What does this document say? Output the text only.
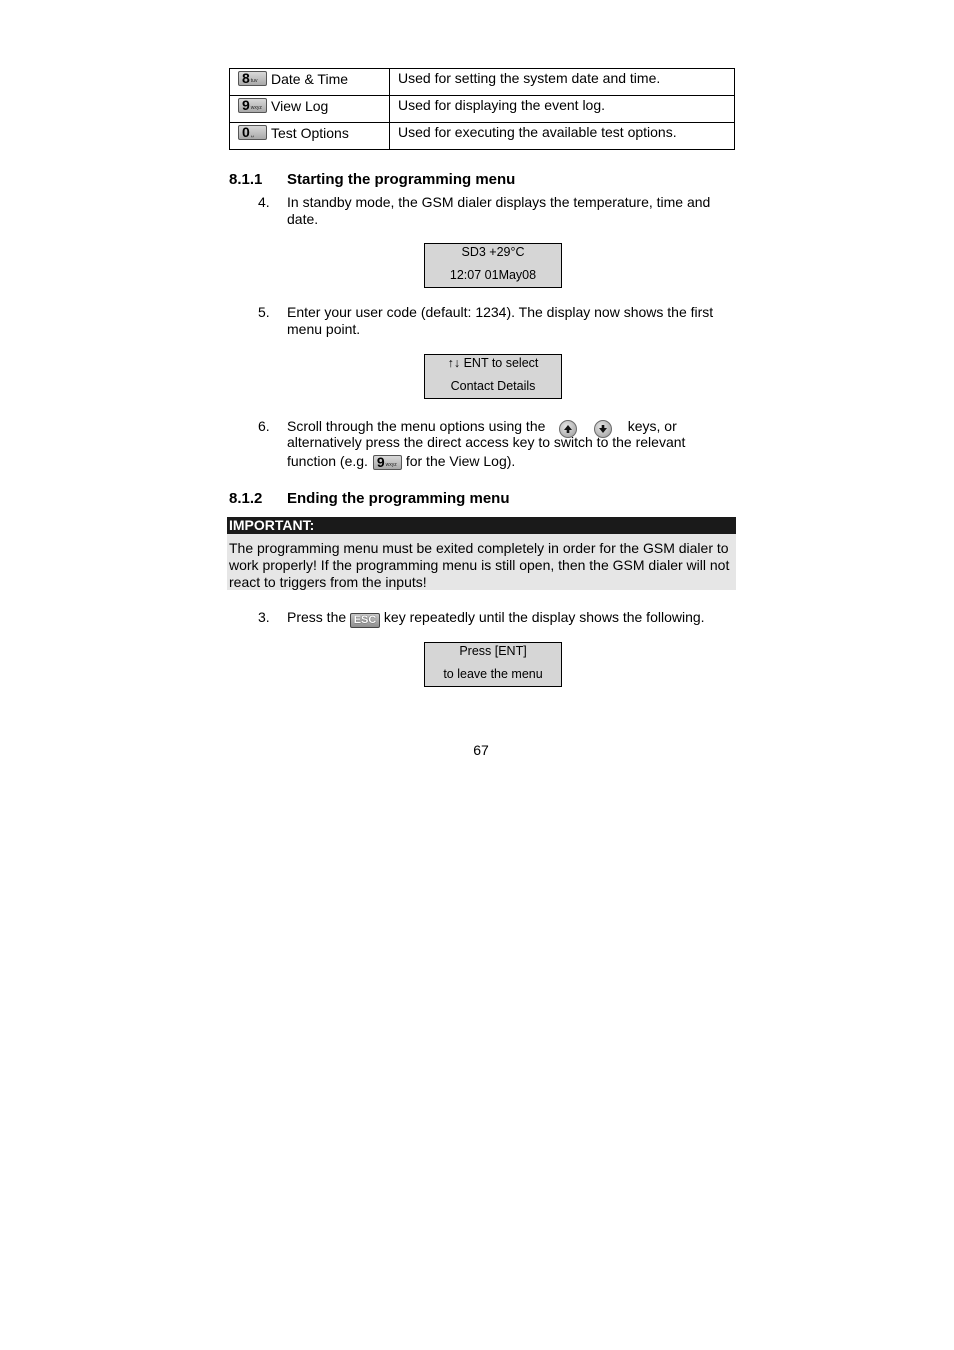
8 tuv Date & Time	Used for setting the system date and time.

9 wxyz View Log	Used for displaying the event log.

0 ␣ Test Options	Used for executing the available test options.
8.1.1 Starting the programming menu
4. In standby mode, the GSM dialer displays the temperature, time and date.
SD3 +29°C
12:07 01May08
5. Enter your user code (default: 1234). The display now shows the first menu point.
↑↓ ENT to select
Contact Details
6. Scroll through the menu options using the
	keys, or
alternatively press the direct access key to switch to the relevant
function (e.g. 9 wxyz for the View Log).
8.1.2 Ending the programming menu
IMPORTANT:
The programming menu must be exited completely in order for the GSM dialer to work properly! If the programming menu is still open, then the GSM dialer will not react to triggers from the inputs!
3. Press the ESC key repeatedly until the display shows the following.
Press [ENT]
to leave the menu
67
